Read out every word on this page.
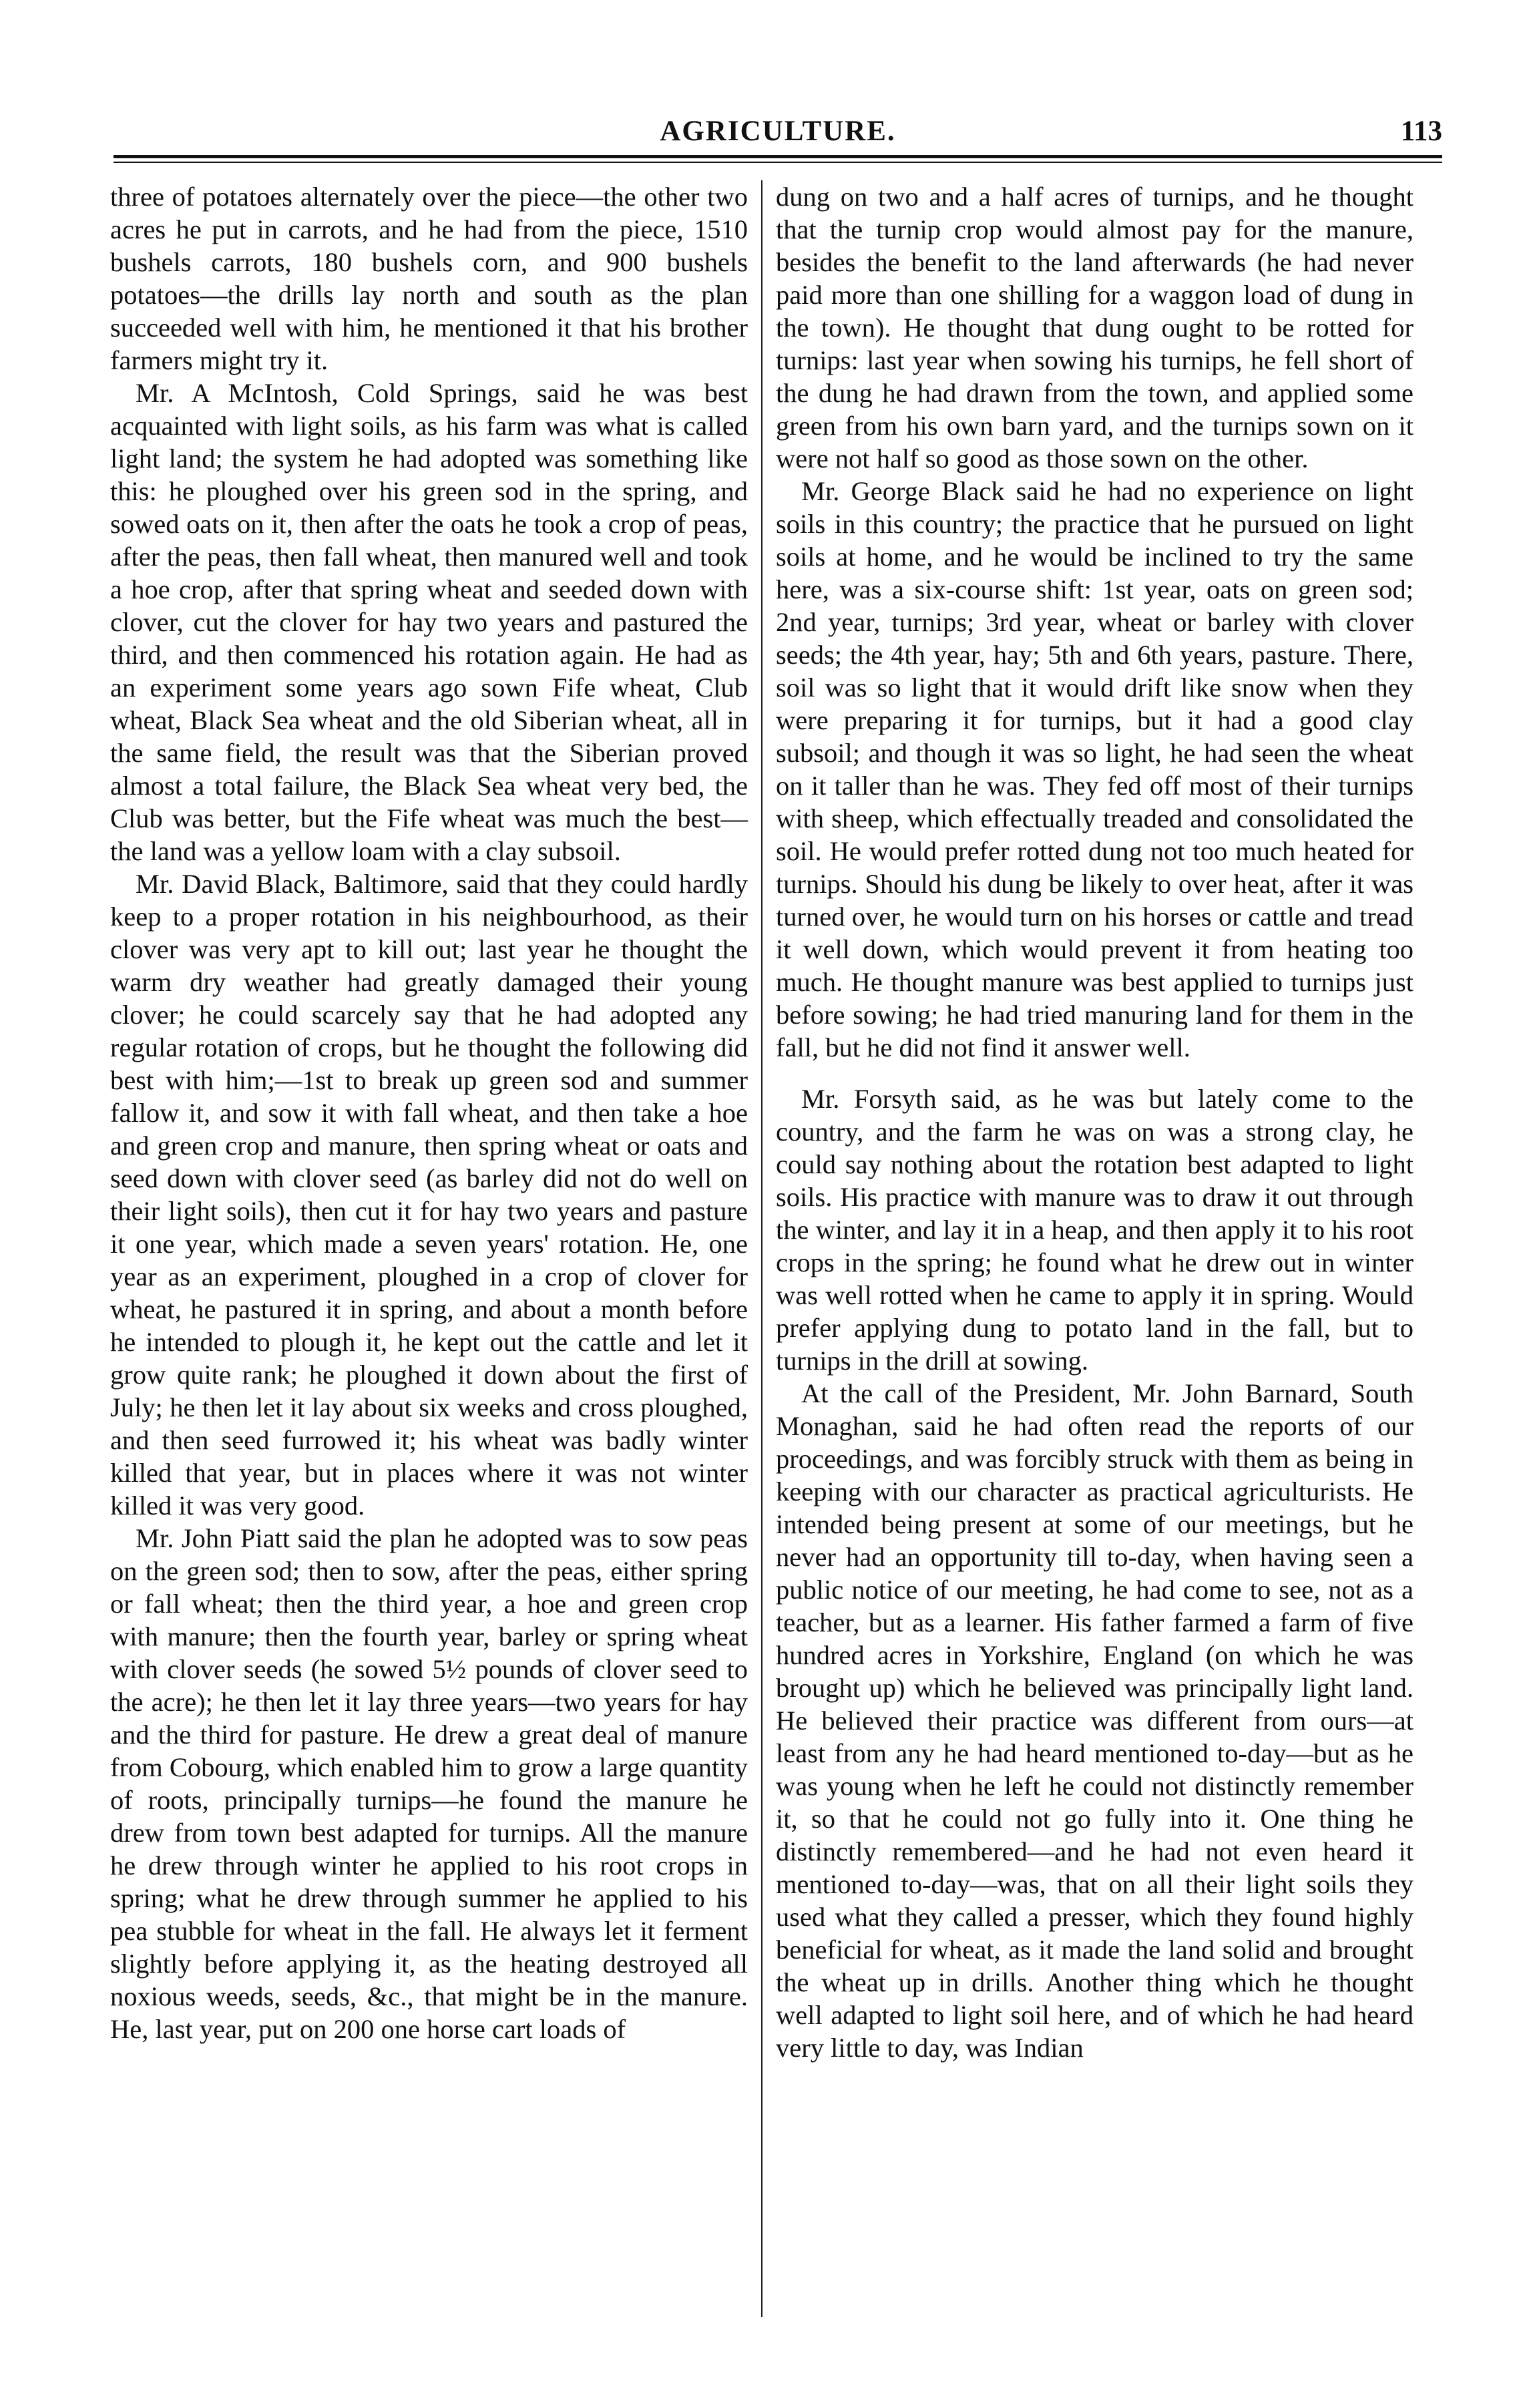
AGRICULTURE.	113

three of potatoes alternately over the piece—the other two acres he put in carrots, and he had from the piece, 1510 bushels carrots, 180 bushels corn, and 900 bushels potatoes—the drills lay north and south as the plan succeeded well with him, he mentioned it that his brother farmers might try it.

Mr. A McIntosh, Cold Springs, said he was best acquainted with light soils, as his farm was what is called light land; the system he had adopted was something like this: he ploughed over his green sod in the spring, and sowed oats on it, then after the oats he took a crop of peas, after the peas, then fall wheat, then manured well and took a hoe crop, after that spring wheat and seeded down with clover, cut the clover for hay two years and pastured the third, and then commenced his rotation again. He had as an experiment some years ago sown Fife wheat, Club wheat, Black Sea wheat and the old Siberian wheat, all in the same field, the result was that the Siberian proved almost a total failure, the Black Sea wheat very bed, the Club was better, but the Fife wheat was much the best—the land was a yellow loam with a clay subsoil.

Mr. David Black, Baltimore, said that they could hardly keep to a proper rotation in his neighbourhood, as their clover was very apt to kill out; last year he thought the warm dry weather had greatly damaged their young clover; he could scarcely say that he had adopted any regular rotation of crops, but he thought the following did best with him;—1st to break up green sod and summer fallow it, and sow it with fall wheat, and then take a hoe and green crop and manure, then spring wheat or oats and seed down with clover seed (as barley did not do well on their light soils), then cut it for hay two years and pasture it one year, which made a seven years' rotation. He, one year as an experiment, ploughed in a crop of clover for wheat, he pastured it in spring, and about a month before he intended to plough it, he kept out the cattle and let it grow quite rank; he ploughed it down about the first of July; he then let it lay about six weeks and cross ploughed, and then seed furrowed it; his wheat was badly winter killed that year, but in places where it was not winter killed it was very good.

Mr. John Piatt said the plan he adopted was to sow peas on the green sod; then to sow, after the peas, either spring or fall wheat; then the third year, a hoe and green crop with manure; then the fourth year, barley or spring wheat with clover seeds (he sowed 5½ pounds of clover seed to the acre); he then let it lay three years—two years for hay and the third for pasture. He drew a great deal of manure from Cobourg, which enabled him to grow a large quantity of roots, principally turnips—he found the manure he drew from town best adapted for turnips. All the manure he drew through winter he applied to his root crops in spring; what he drew through summer he applied to his pea stubble for wheat in the fall. He always let it ferment slightly before applying it, as the heating destroyed all noxious weeds, seeds, &c., that might be in the manure. He, last year, put on 200 one horse cart loads of

dung on two and a half acres of turnips, and he thought that the turnip crop would almost pay for the manure, besides the benefit to the land afterwards (he had never paid more than one shilling for a waggon load of dung in the town). He thought that dung ought to be rotted for turnips: last year when sowing his turnips, he fell short of the dung he had drawn from the town, and applied some green from his own barn yard, and the turnips sown on it were not half so good as those sown on the other.

Mr. George Black said he had no experience on light soils in this country; the practice that he pursued on light soils at home, and he would be inclined to try the same here, was a six-course shift: 1st year, oats on green sod; 2nd year, turnips; 3rd year, wheat or barley with clover seeds; the 4th year, hay; 5th and 6th years, pasture. There, soil was so light that it would drift like snow when they were preparing it for turnips, but it had a good clay subsoil; and though it was so light, he had seen the wheat on it taller than he was. They fed off most of their turnips with sheep, which effectually treaded and consolidated the soil. He would prefer rotted dung not too much heated for turnips. Should his dung be likely to over heat, after it was turned over, he would turn on his horses or cattle and tread it well down, which would prevent it from heating too much. He thought manure was best applied to turnips just before sowing; he had tried manuring land for them in the fall, but he did not find it answer well.

Mr. Forsyth said, as he was but lately come to the country, and the farm he was on was a strong clay, he could say nothing about the rotation best adapted to light soils. His practice with manure was to draw it out through the winter, and lay it in a heap, and then apply it to his root crops in the spring; he found what he drew out in winter was well rotted when he came to apply it in spring. Would prefer applying dung to potato land in the fall, but to turnips in the drill at sowing.

At the call of the President, Mr. John Barnard, South Monaghan, said he had often read the reports of our proceedings, and was forcibly struck with them as being in keeping with our character as practical agriculturists. He intended being present at some of our meetings, but he never had an opportunity till to-day, when having seen a public notice of our meeting, he had come to see, not as a teacher, but as a learner. His father farmed a farm of five hundred acres in Yorkshire, England (on which he was brought up) which he believed was principally light land. He believed their practice was different from ours—at least from any he had heard mentioned to-day—but as he was young when he left he could not distinctly remember it, so that he could not go fully into it. One thing he distinctly remembered—and he had not even heard it mentioned to-day—was, that on all their light soils they used what they called a presser, which they found highly beneficial for wheat, as it made the land solid and brought the wheat up in drills. Another thing which he thought well adapted to light soil here, and of which he had heard very little to day, was Indian
